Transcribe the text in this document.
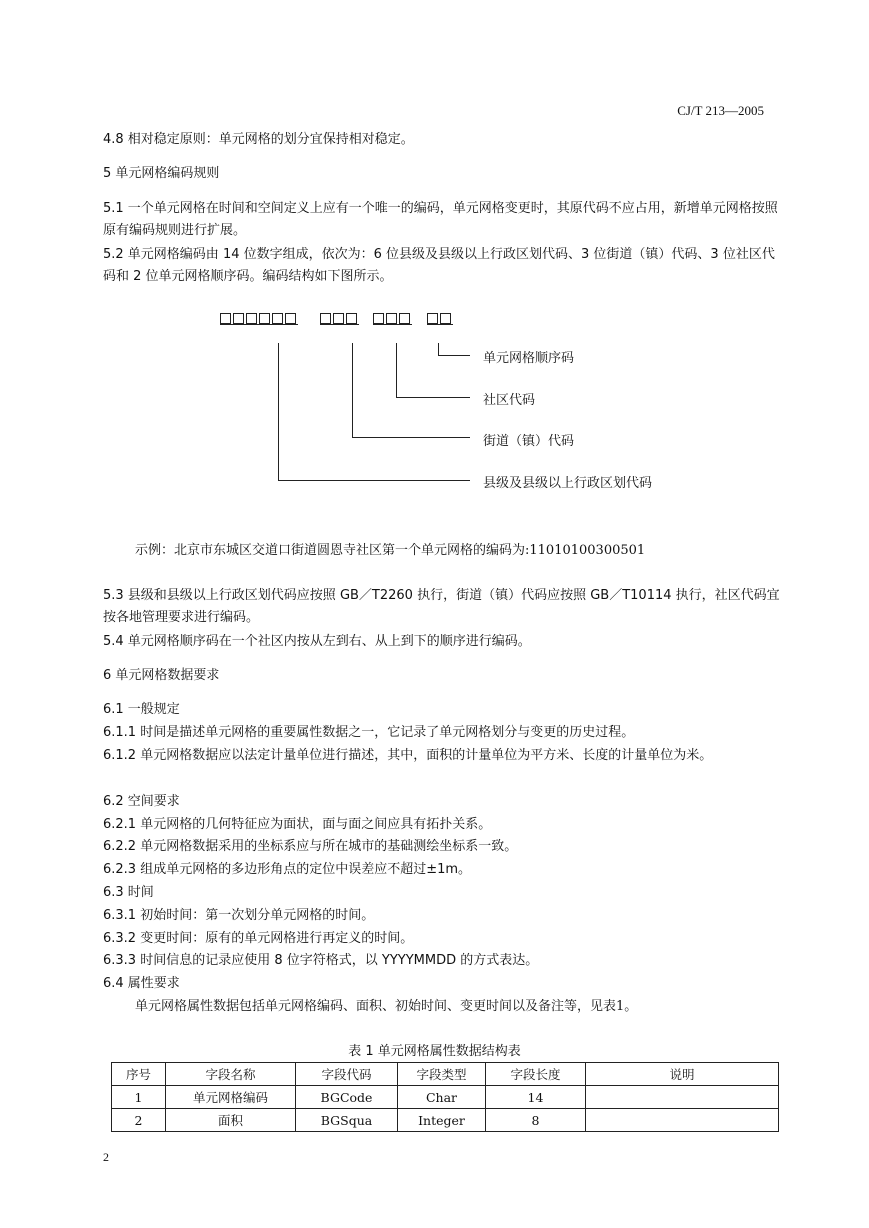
CJ/T 213—2005
4.8 相对稳定原则：单元网格的划分宜保持相对稳定。
5 单元网格编码规则
5.1 一个单元网格在时间和空间定义上应有一个唯一的编码，单元网格变更时，其原代码不应占用，新增单元网格按照原有编码规则进行扩展。
5.2 单元网格编码由 14 位数字组成，依次为：6 位县级及县级以上行政区划代码、3 位街道（镇）代码、3 位社区代码和 2 位单元网格顺序码。编码结构如下图所示。
单元网格顺序码
社区代码
街道（镇）代码
县级及县级以上行政区划代码
示例：北京市东城区交道口街道圆恩寺社区第一个单元网格的编码为:11010100300501
5.3 县级和县级以上行政区划代码应按照 GB／T2260 执行，街道（镇）代码应按照 GB／T10114 执行，社区代码宜按各地管理要求进行编码。
5.4 单元网格顺序码在一个社区内按从左到右、从上到下的顺序进行编码。
6 单元网格数据要求
6.1 一般规定
6.1.1 时间是描述单元网格的重要属性数据之一，它记录了单元网格划分与变更的历史过程。
6.1.2 单元网格数据应以法定计量单位进行描述，其中，面积的计量单位为平方米、长度的计量单位为米。
6.2 空间要求
6.2.1 单元网格的几何特征应为面状，面与面之间应具有拓扑关系。
6.2.2 单元网格数据采用的坐标系应与所在城市的基础测绘坐标系一致。
6.2.3 组成单元网格的多边形角点的定位中误差应不超过±1m。
6.3 时间
6.3.1 初始时间：第一次划分单元网格的时间。
6.3.2 变更时间：原有的单元网格进行再定义的时间。
6.3.3 时间信息的记录应使用 8 位字符格式，以 YYYYMMDD 的方式表达。
6.4 属性要求
单元网格属性数据包括单元网格编码、面积、初始时间、变更时间以及备注等，见表1。
表 1 单元网格属性数据结构表
序号	字段名称	字段代码	字段类型	字段长度	说明
1	单元网格编码	BGCode	Char	14	
2	面积	BGSqua	Integer	8	
2
